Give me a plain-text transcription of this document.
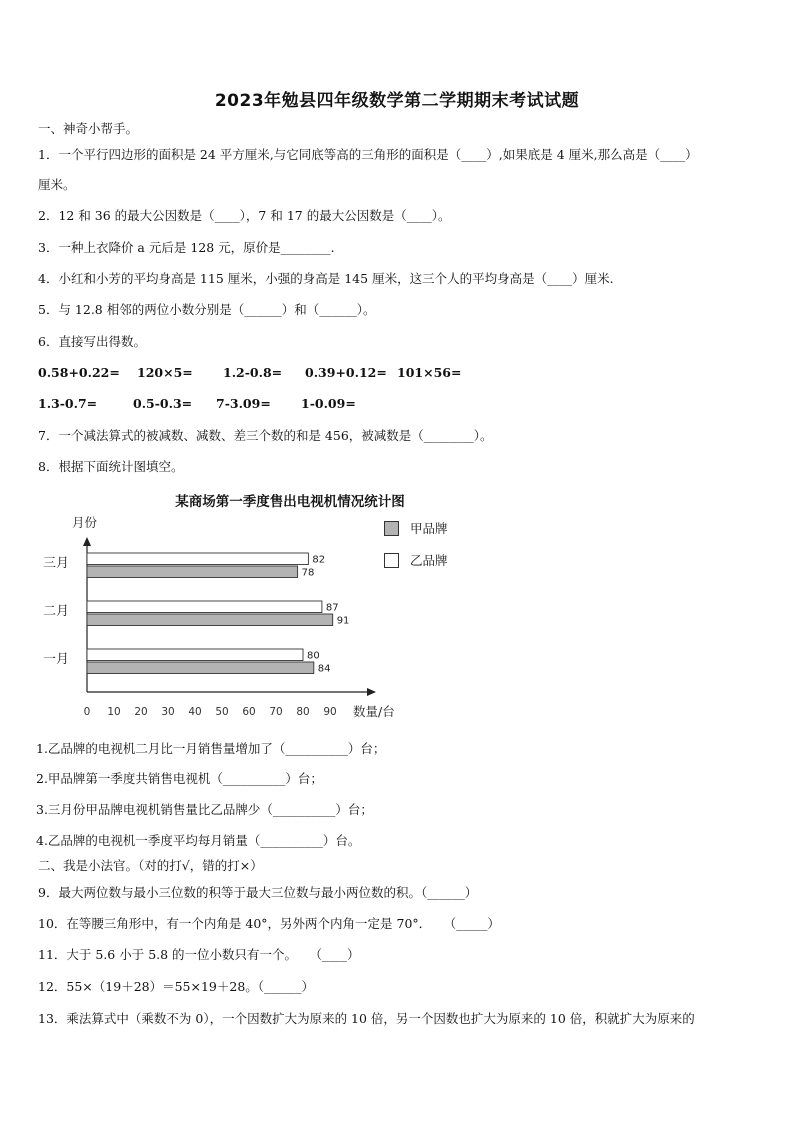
2023年勉县四年级数学第二学期期末考试试题
一、神奇小帮手。
1．一个平行四边形的面积是 24 平方厘米,与它同底等高的三角形的面积是（____）,如果底是 4 厘米,那么高是（____）
厘米。
2．12 和 36 的最大公因数是（____），7 和 17 的最大公因数是（____）。
3．一种上衣降价 a 元后是 128 元，原价是________.
4．小红和小芳的平均身高是 115 厘米，小强的身高是 145 厘米，这三个人的平均身高是（____）厘米.
5．与 12.8 相邻的两位小数分别是（______）和（______）。
6．直接写出得数。
0.58+0.22= 120×5= 1.2-0.8= 0.39+0.12= 101×56=
1.3-0.7=	0.5-0.3= 7-3.09= 1-0.09=
7．一个减法算式的被减数、减数、差三个数的和是 456，被减数是（________）。
8．根据下面统计图填空。
某商场第一季度售出电视机情况统计图
甲品牌
乙品牌
月份
数量/台
0 10 20 30 40 50 60 70 80 90
一月	80
84
二月	87
91
三月	82
78
1.乙品牌的电视机二月比一月销售量增加了（__________）台；
2.甲品牌第一季度共销售电视机（__________）台；
3.三月份甲品牌电视机销售量比乙品牌少（__________）台；
4.乙品牌的电视机一季度平均每月销量（__________）台。
二、我是小法官。（对的打√，错的打×）
9．最大两位数与最小三位数的积等于最大三位数与最小两位数的积。（______）
10．在等腰三角形中，有一个内角是 40°，另外两个内角一定是 70°．　　（_____）
11．大于 5.6 小于 5.8 的一位小数只有一个。　　（____）
12．55×（19＋28）＝55×19＋28。（______）
13．乘法算式中（乘数不为 0），一个因数扩大为原来的 10 倍，另一个因数也扩大为原来的 10 倍，积就扩大为原来的
